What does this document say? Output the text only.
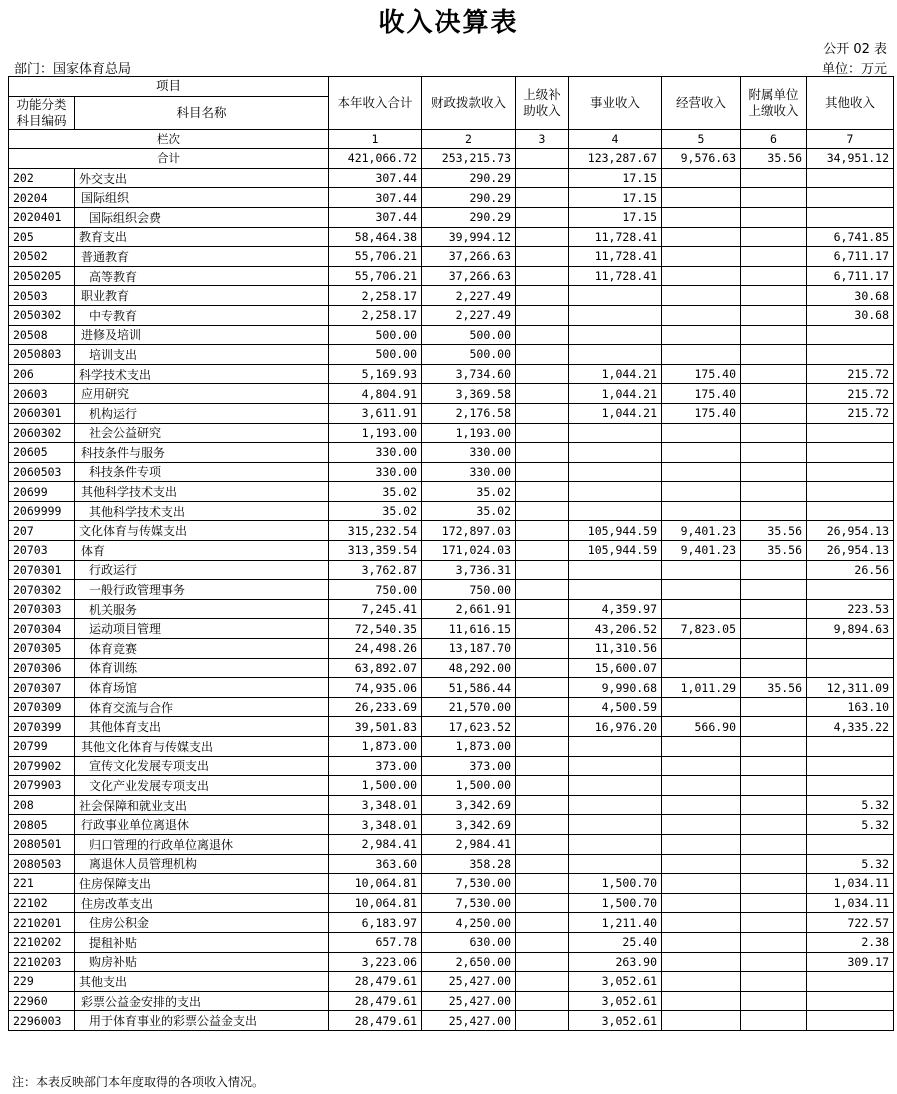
收入决算表
公开 02 表
部门：国家体育总局	单位：万元
项目		本年收入合计	财政拨款收入	上级补助收入	事业收入	经营收入	附属单位上缴收入	其他收入
功能分类科目编码	科目名称							
栏次		1	2	3	4	5	6	7
合计		421,066.72	253,215.73		123,287.67	9,576.63	35.56	34,951.12
202	外交支出	307.44	290.29		17.15			
20204	国际组织	307.44	290.29		17.15			
2020401	国际组织会费	307.44	290.29		17.15			
205	教育支出	58,464.38	39,994.12		11,728.41			6,741.85
20502	普通教育	55,706.21	37,266.63		11,728.41			6,711.17
2050205	高等教育	55,706.21	37,266.63		11,728.41			6,711.17
20503	职业教育	2,258.17	2,227.49					30.68
2050302	中专教育	2,258.17	2,227.49					30.68
20508	进修及培训	500.00	500.00					
2050803	培训支出	500.00	500.00					
206	科学技术支出	5,169.93	3,734.60		1,044.21	175.40		215.72
20603	应用研究	4,804.91	3,369.58		1,044.21	175.40		215.72
2060301	机构运行	3,611.91	2,176.58		1,044.21	175.40		215.72
2060302	社会公益研究	1,193.00	1,193.00					
20605	科技条件与服务	330.00	330.00					
2060503	科技条件专项	330.00	330.00					
20699	其他科学技术支出	35.02	35.02					
2069999	其他科学技术支出	35.02	35.02					
207	文化体育与传媒支出	315,232.54	172,897.03		105,944.59	9,401.23	35.56	26,954.13
20703	体育	313,359.54	171,024.03		105,944.59	9,401.23	35.56	26,954.13
2070301	行政运行	3,762.87	3,736.31					26.56
2070302	一般行政管理事务	750.00	750.00					
2070303	机关服务	7,245.41	2,661.91		4,359.97			223.53
2070304	运动项目管理	72,540.35	11,616.15		43,206.52	7,823.05		9,894.63
2070305	体育竞赛	24,498.26	13,187.70		11,310.56			
2070306	体育训练	63,892.07	48,292.00		15,600.07			
2070307	体育场馆	74,935.06	51,586.44		9,990.68	1,011.29	35.56	12,311.09
2070309	体育交流与合作	26,233.69	21,570.00		4,500.59			163.10
2070399	其他体育支出	39,501.83	17,623.52		16,976.20	566.90		4,335.22
20799	其他文化体育与传媒支出	1,873.00	1,873.00					
2079902	宣传文化发展专项支出	373.00	373.00					
2079903	文化产业发展专项支出	1,500.00	1,500.00					
208	社会保障和就业支出	3,348.01	3,342.69					5.32
20805	行政事业单位离退休	3,348.01	3,342.69					5.32
2080501	归口管理的行政单位离退休	2,984.41	2,984.41					
2080503	离退休人员管理机构	363.60	358.28					5.32
221	住房保障支出	10,064.81	7,530.00		1,500.70			1,034.11
22102	住房改革支出	10,064.81	7,530.00		1,500.70			1,034.11
2210201	住房公积金	6,183.97	4,250.00		1,211.40			722.57
2210202	提租补贴	657.78	630.00		25.40			2.38
2210203	购房补贴	3,223.06	2,650.00		263.90			309.17
229	其他支出	28,479.61	25,427.00		3,052.61			
22960	彩票公益金安排的支出	28,479.61	25,427.00		3,052.61			
2296003	用于体育事业的彩票公益金支出	28,479.61	25,427.00		3,052.61			
注：本表反映部门本年度取得的各项收入情况。
